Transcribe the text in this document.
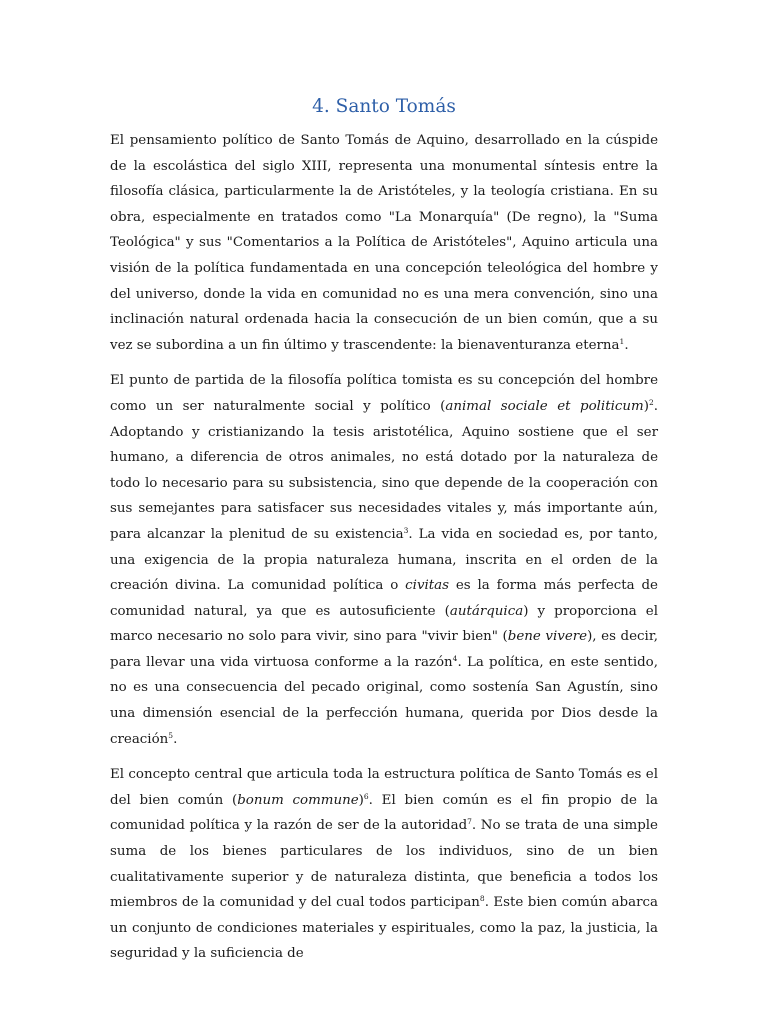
4. Santo Tomás

El pensamiento político de Santo Tomás de Aquino, desarrollado en la cúspide de la escolástica del siglo XIII, representa una monumental síntesis entre la filosofía clásica, particularmente la de Aristóteles, y la teología cristiana. En su obra, especialmente en tratados como "La Monarquía" (De regno), la "Suma Teológica" y sus "Comentarios a la Política de Aristóteles", Aquino articula una visión de la política fundamentada en una concepción teleológica del hombre y del universo, donde la vida en comunidad no es una mera convención, sino una inclinación natural ordenada hacia la consecución de un bien común, que a su vez se subordina a un fin último y trascendente: la bienaventuranza eterna$^1$.

El punto de partida de la filosofía política tomista es su concepción del hombre como un ser naturalmente social y político (animal sociale et politicum)$^2$. Adoptando y cristianizando la tesis aristotélica, Aquino sostiene que el ser humano, a diferencia de otros animales, no está dotado por la naturaleza de todo lo necesario para su subsistencia, sino que depende de la cooperación con sus semejantes para satisfacer sus necesidades vitales y, más importante aún, para alcanzar la plenitud de su existencia$^3$. La vida en sociedad es, por tanto, una exigencia de la propia naturaleza humana, inscrita en el orden de la creación divina. La comunidad política o civitas es la forma más perfecta de comunidad natural, ya que es autosuficiente (autárquica) y proporciona el marco necesario no solo para vivir, sino para "vivir bien" (bene vivere), es decir, para llevar una vida virtuosa conforme a la razón$^4$. La política, en este sentido, no es una consecuencia del pecado original, como sostenía San Agustín, sino una dimensión esencial de la perfección humana, querida por Dios desde la creación$^5$.

El concepto central que articula toda la estructura política de Santo Tomás es el del bien común (bonum commune)$^6$. El bien común es el fin propio de la comunidad política y la razón de ser de la autoridad$^7$. No se trata de una simple suma de los bienes particulares de los individuos, sino de un bien cualitativamente superior y de naturaleza distinta, que beneficia a todos los miembros de la comunidad y del cual todos participan$^8$. Este bien común abarca un conjunto de condiciones materiales y espirituales, como la paz, la justicia, la seguridad y la suficiencia de
